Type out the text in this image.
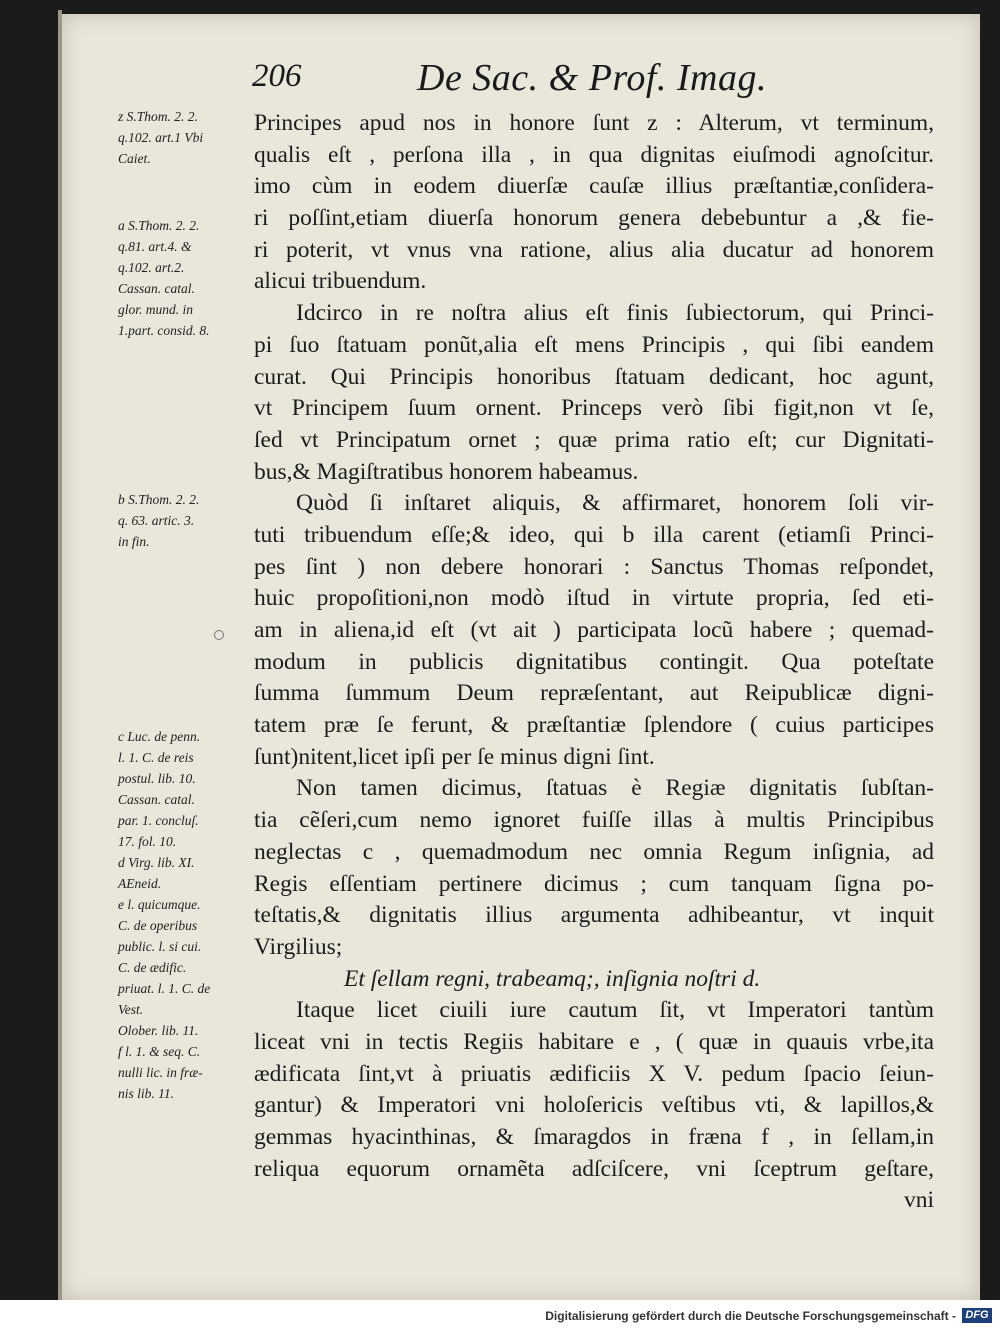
206	De Sac. & Prof. Imag.

z S.Thom. 2. 2.
q.102. art.1 Vbi
Caiet.

a S.Thom. 2. 2.
q.81. art.4. &
q.102. art.2.
Cassan. catal.
glor. mund. in
1.part. consid. 8.

b S.Thom. 2. 2.
q. 63. artic. 3.
in fin.

c Luc. de penn.
l. 1. C. de reis
postul. lib. 10.
Cassan. catal.
par. 1. concluſ.
17. fol. 10.
d Virg. lib. XI.
AEneid.
e l. quicumque.
C. de operibus
public. l. si cui.
C. de ædific.
priuat. l. 1. C. de
Vest.
Olober. lib. 11.
f l. 1. & seq. C.
nulli lic. in fræ-
nis lib. 11.

Principes apud nos in honore ſunt z : Alterum, vt terminum,
qualis eſt , perſona illa , in qua dignitas eiuſmodi agnoſcitur.
imo cùm in eodem diuerſæ cauſæ illius præſtantiæ,conſidera-
ri poſſint,etiam diuerſa honorum genera debebuntur a ,& fie-
ri poterit, vt vnus vna ratione, alius alia ducatur ad honorem
alicui tribuendum.
Idcirco in re noſtra alius eſt finis ſubiectorum, qui Princi-
pi ſuo ſtatuam ponũt,alia eſt mens Principis , qui ſibi eandem
curat. Qui Principis honoribus ſtatuam dedicant, hoc agunt,
vt Principem ſuum ornent. Princeps verò ſibi figit,non vt ſe,
ſed vt Principatum ornet ; quæ prima ratio eſt; cur Dignitati-
bus,& Magiſtratibus honorem habeamus.
Quòd ſi inſtaret aliquis, & affirmaret, honorem ſoli vir-
tuti tribuendum eſſe;& ideo, qui b illa carent (etiamſi Princi-
pes ſint ) non debere honorari : Sanctus Thomas reſpondet,
huic propoſitioni,non modò iſtud in virtute propria, ſed eti-
am in aliena,id eſt (vt ait ) participata locũ habere ; quemad-
modum in publicis dignitatibus contingit. Qua poteſtate
ſumma ſummum Deum repræſentant, aut Reipublicæ digni-
tatem præ ſe ferunt, & præſtantiæ ſplendore ( cuius participes
ſunt)nitent,licet ipſi per ſe minus digni ſint.
Non tamen dicimus, ſtatuas è Regiæ dignitatis ſubſtan-
tia cẽſeri,cum nemo ignoret fuiſſe illas à multis Principibus
neglectas c , quemadmodum nec omnia Regum inſignia, ad
Regis eſſentiam pertinere dicimus ; cum tanquam ſigna po-
teſtatis,& dignitatis illius argumenta adhibeantur, vt inquit
Virgilius;
Et ſellam regni, trabeamq;, inſignia noſtri d.
Itaque licet ciuili iure cautum ſit, vt Imperatori tantùm
liceat vni in tectis Regiis habitare e , ( quæ in quauis vrbe,ita
ædificata ſint,vt à priuatis ædificiis X V. pedum ſpacio ſeiun-
gantur) & Imperatori vni holoſericis veſtibus vti, & lapillos,&
gemmas hyacinthinas, & ſmaragdos in fræna f , in ſellam,in
reliqua equorum ornamẽta adſciſcere, vni ſceptrum geſtare,
vni
Digitalisierung gefördert durch die Deutsche Forschungsgemeinschaft - DFG
